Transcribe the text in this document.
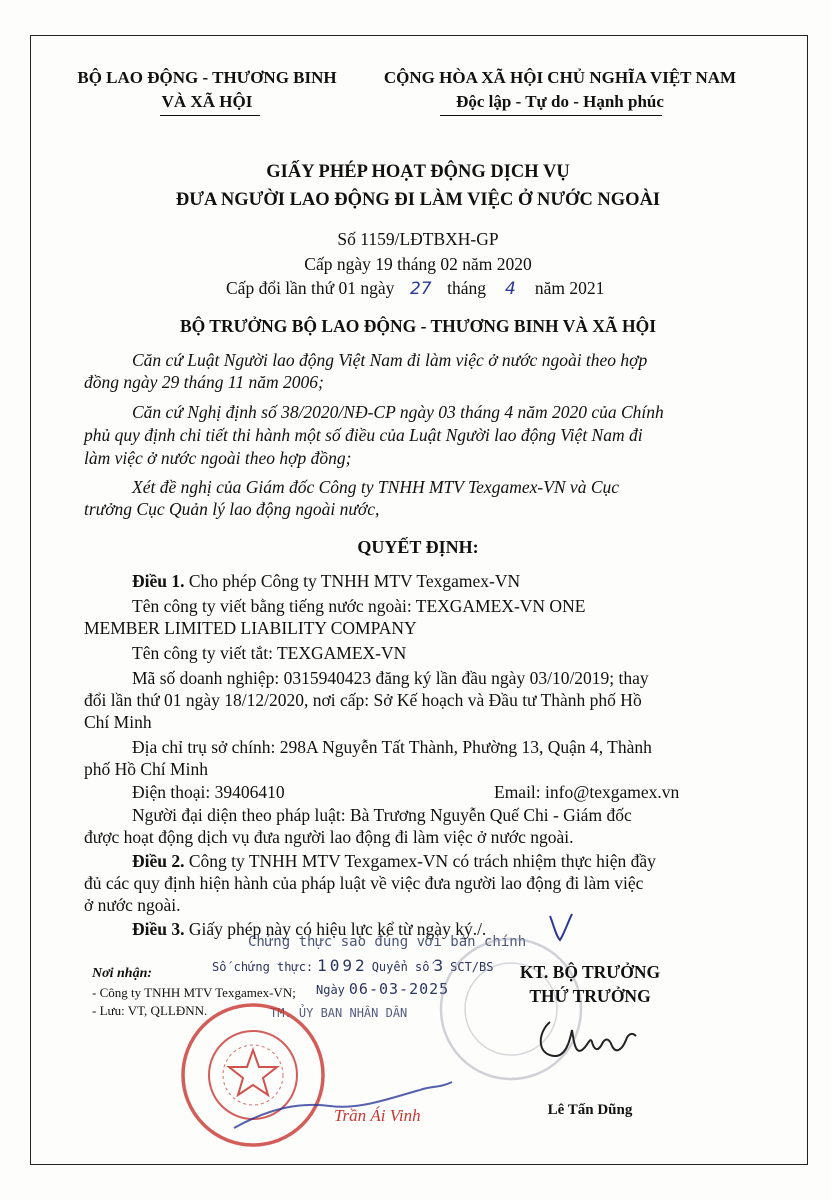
BỘ LAO ĐỘNG - THƯƠNG BINH
VÀ XÃ HỘI
CỘNG HÒA XÃ HỘI CHỦ NGHĨA VIỆT NAM
Độc lập - Tự do - Hạnh phúc
GIẤY PHÉP HOẠT ĐỘNG DỊCH VỤ
ĐƯA NGƯỜI LAO ĐỘNG ĐI LÀM VIỆC Ở NƯỚC NGOÀI
Số 1159/LĐTBXH-GP
Cấp ngày 19 tháng 02 năm 2020
Cấp đổi lần thứ 01 ngày 27 tháng 4 năm 2021
BỘ TRƯỞNG BỘ LAO ĐỘNG - THƯƠNG BINH VÀ XÃ HỘI
Căn cứ Luật Người lao động Việt Nam đi làm việc ở nước ngoài theo hợp
đồng ngày 29 tháng 11 năm 2006;
Căn cứ Nghị định số 38/2020/NĐ-CP ngày 03 tháng 4 năm 2020 của Chính
phủ quy định chi tiết thi hành một số điều của Luật Người lao động Việt Nam đi
làm việc ở nước ngoài theo hợp đồng;
Xét đề nghị của Giám đốc Công ty TNHH MTV Texgamex-VN và Cục
trưởng Cục Quản lý lao động ngoài nước,
QUYẾT ĐỊNH:
Điều 1. Cho phép Công ty TNHH MTV Texgamex-VN
Tên công ty viết bằng tiếng nước ngoài: TEXGAMEX-VN ONE
MEMBER LIMITED LIABILITY COMPANY
Tên công ty viết tắt: TEXGAMEX-VN
Mã số doanh nghiệp: 0315940423 đăng ký lần đầu ngày 03/10/2019; thay
đổi lần thứ 01 ngày 18/12/2020, nơi cấp: Sở Kế hoạch và Đầu tư Thành phố Hồ
Chí Minh
Địa chỉ trụ sở chính: 298A Nguyễn Tất Thành, Phường 13, Quận 4, Thành
phố Hồ Chí Minh
Điện thoại: 39406410	Email: info@texgamex.vn
Người đại diện theo pháp luật: Bà Trương Nguyễn Quế Chi - Giám đốc
được hoạt động dịch vụ đưa người lao động đi làm việc ở nước ngoài.
Điều 2. Công ty TNHH MTV Texgamex-VN có trách nhiệm thực hiện đầy
đủ các quy định hiện hành của pháp luật về việc đưa người lao động đi làm việc
ở nước ngoài.
Điều 3. Giấy phép này có hiệu lực kể từ ngày ký./.
Nơi nhận:
- Công ty TNHH MTV Texgamex-VN;
- Lưu: VT, QLLĐNN.
Chứng thực sao đúng với bản chính
Số chứng thực: 1092 Quyển số 3 SCT/BS
Ngày 06-03-2025
TM. ỦY BAN NHÂN DÂN
KT. BỘ TRƯỞNG
THỨ TRƯỞNG
Lê Tấn Dũng
Trần Ái Vinh
